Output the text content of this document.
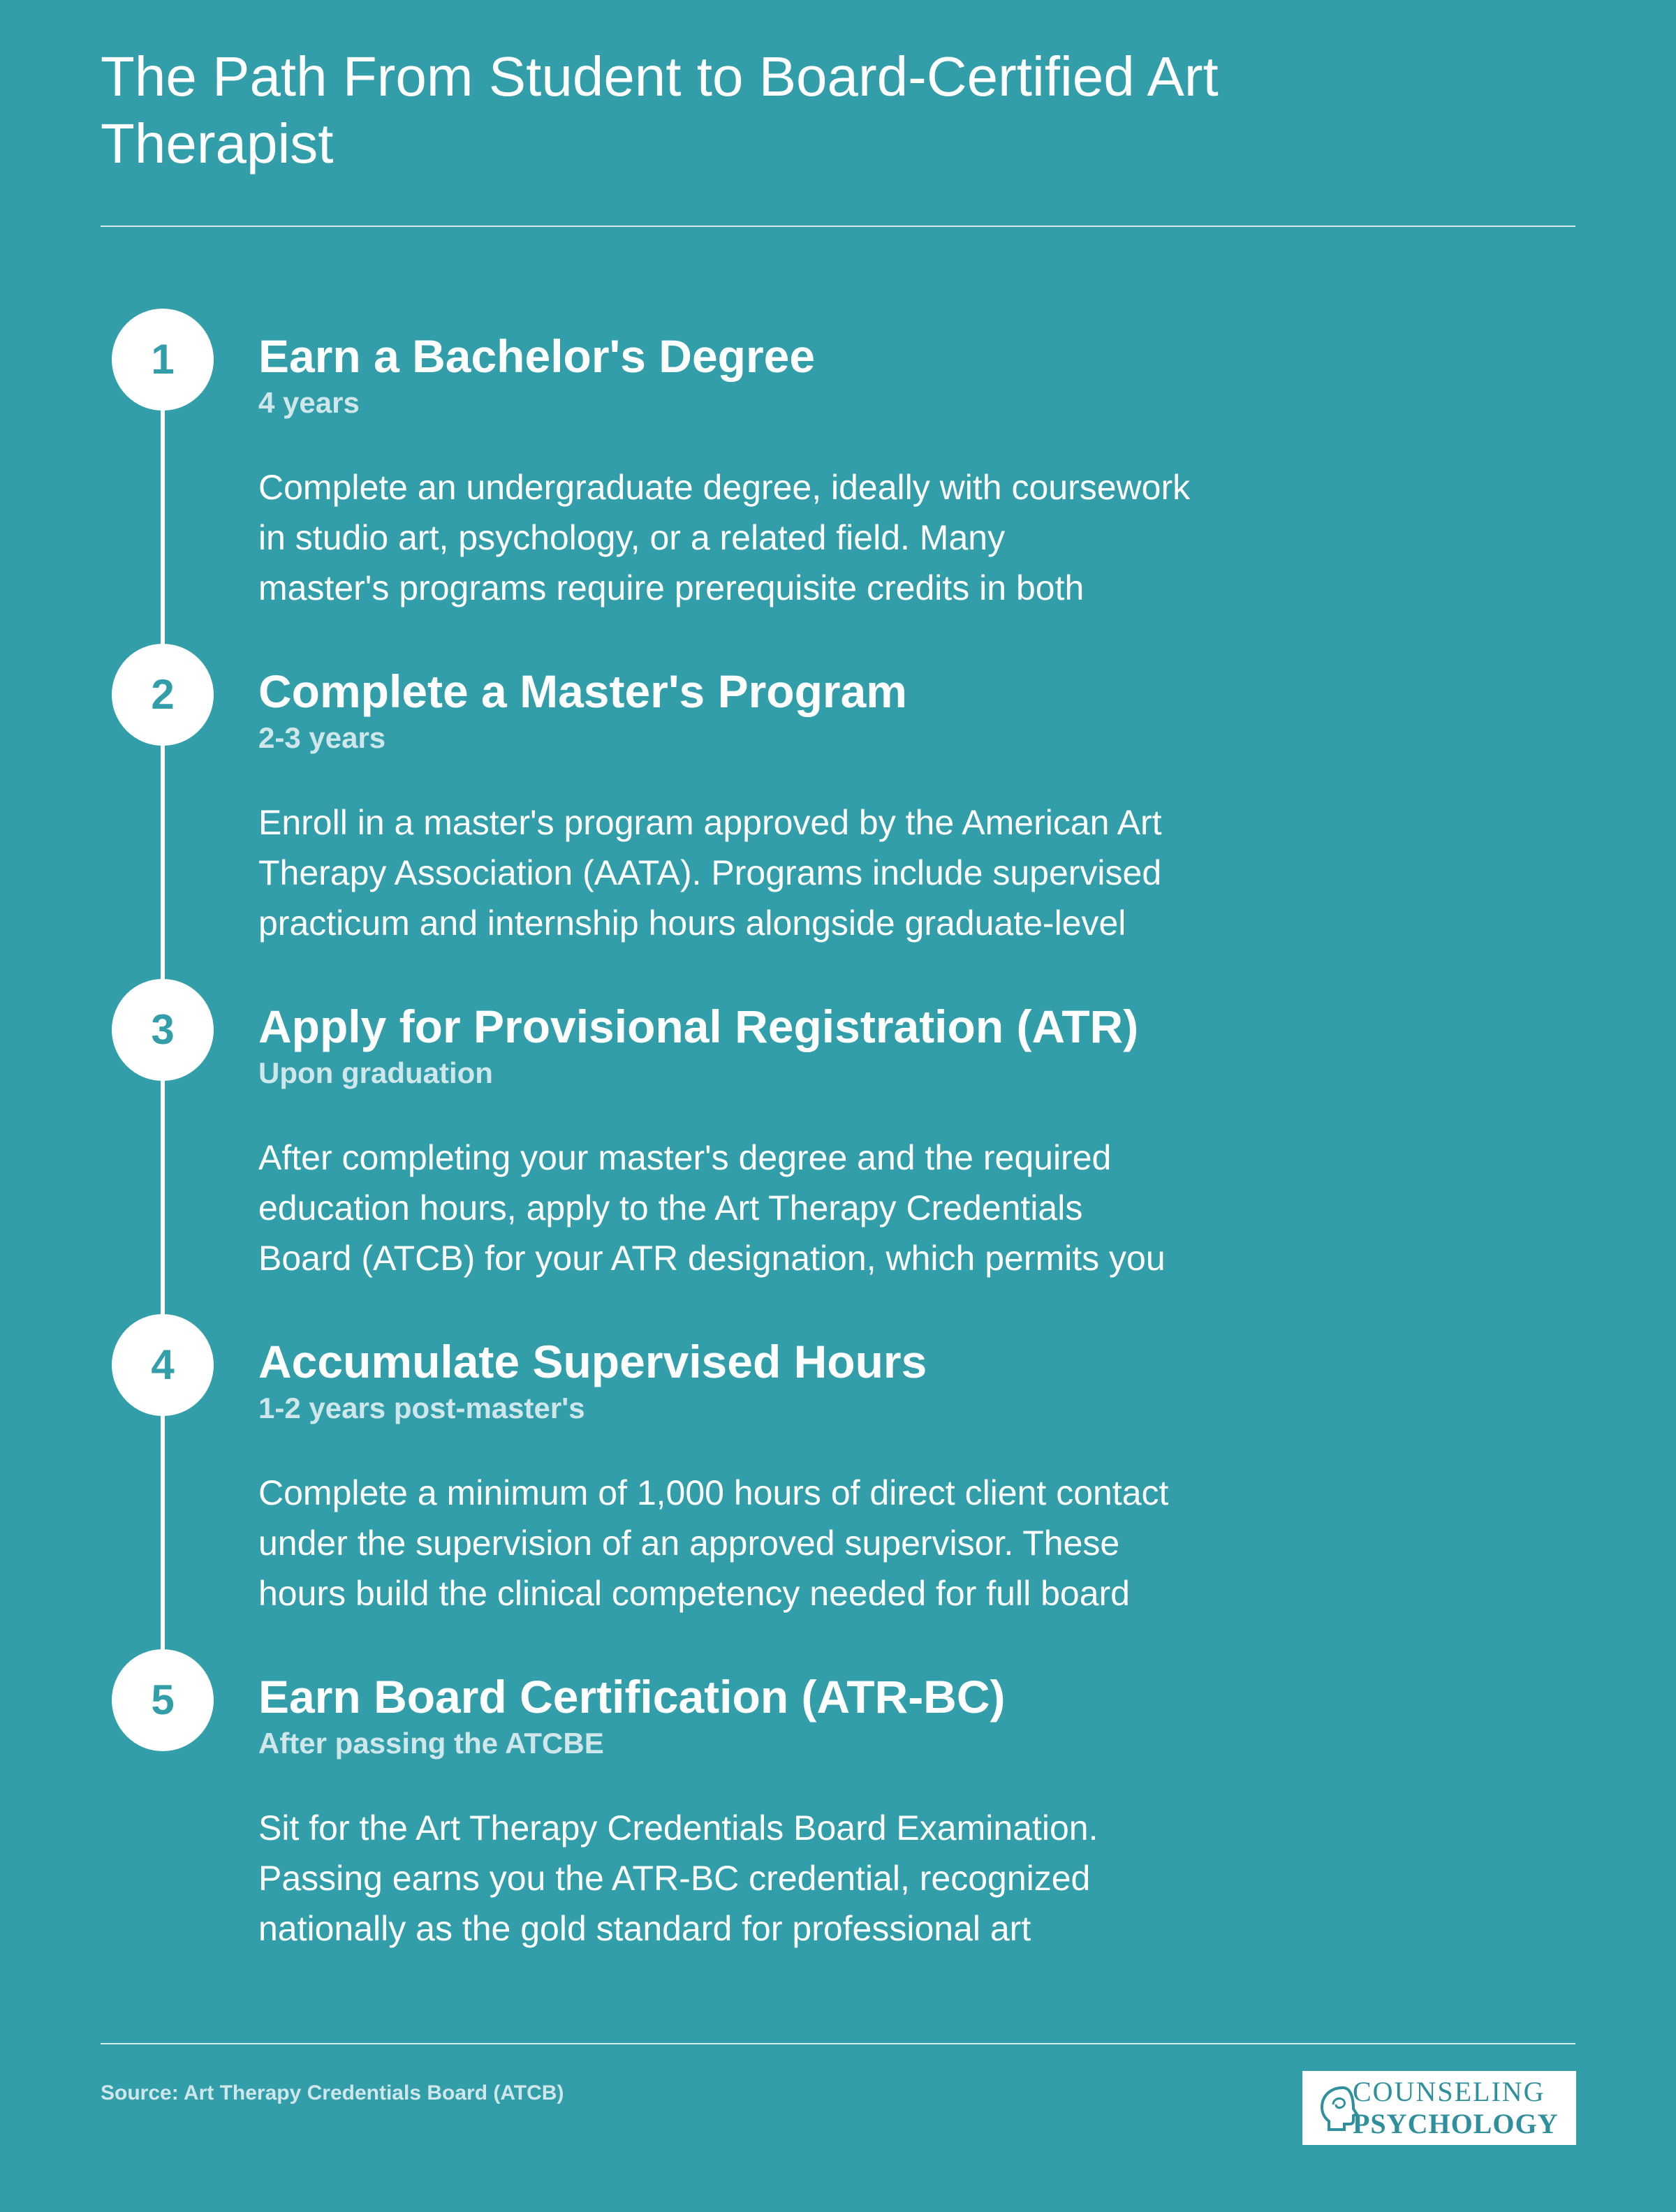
The Path From Student to Board-Certified Art Therapist
1	Earn a Bachelor's Degree
4 years

Complete an undergraduate degree, ideally with coursework
in studio art, psychology, or a related field. Many
master's programs require prerequisite credits in both

2	Complete a Master's Program
2-3 years

Enroll in a master's program approved by the American Art
Therapy Association (AATA). Programs include supervised
practicum and internship hours alongside graduate-level

3	Apply for Provisional Registration (ATR)
Upon graduation

After completing your master's degree and the required
education hours, apply to the Art Therapy Credentials
Board (ATCB) for your ATR designation, which permits you

4	Accumulate Supervised Hours
1-2 years post-master's

Complete a minimum of 1,000 hours of direct client contact
under the supervision of an approved supervisor. These
hours build the clinical competency needed for full board

5	Earn Board Certification (ATR-BC)
After passing the ATCBE

Sit for the Art Therapy Credentials Board Examination.
Passing earns you the ATR-BC credential, recognized
nationally as the gold standard for professional art

Source: Art Therapy Credentials Board (ATCB)	COUNSELING
PSYCHOLOGY
